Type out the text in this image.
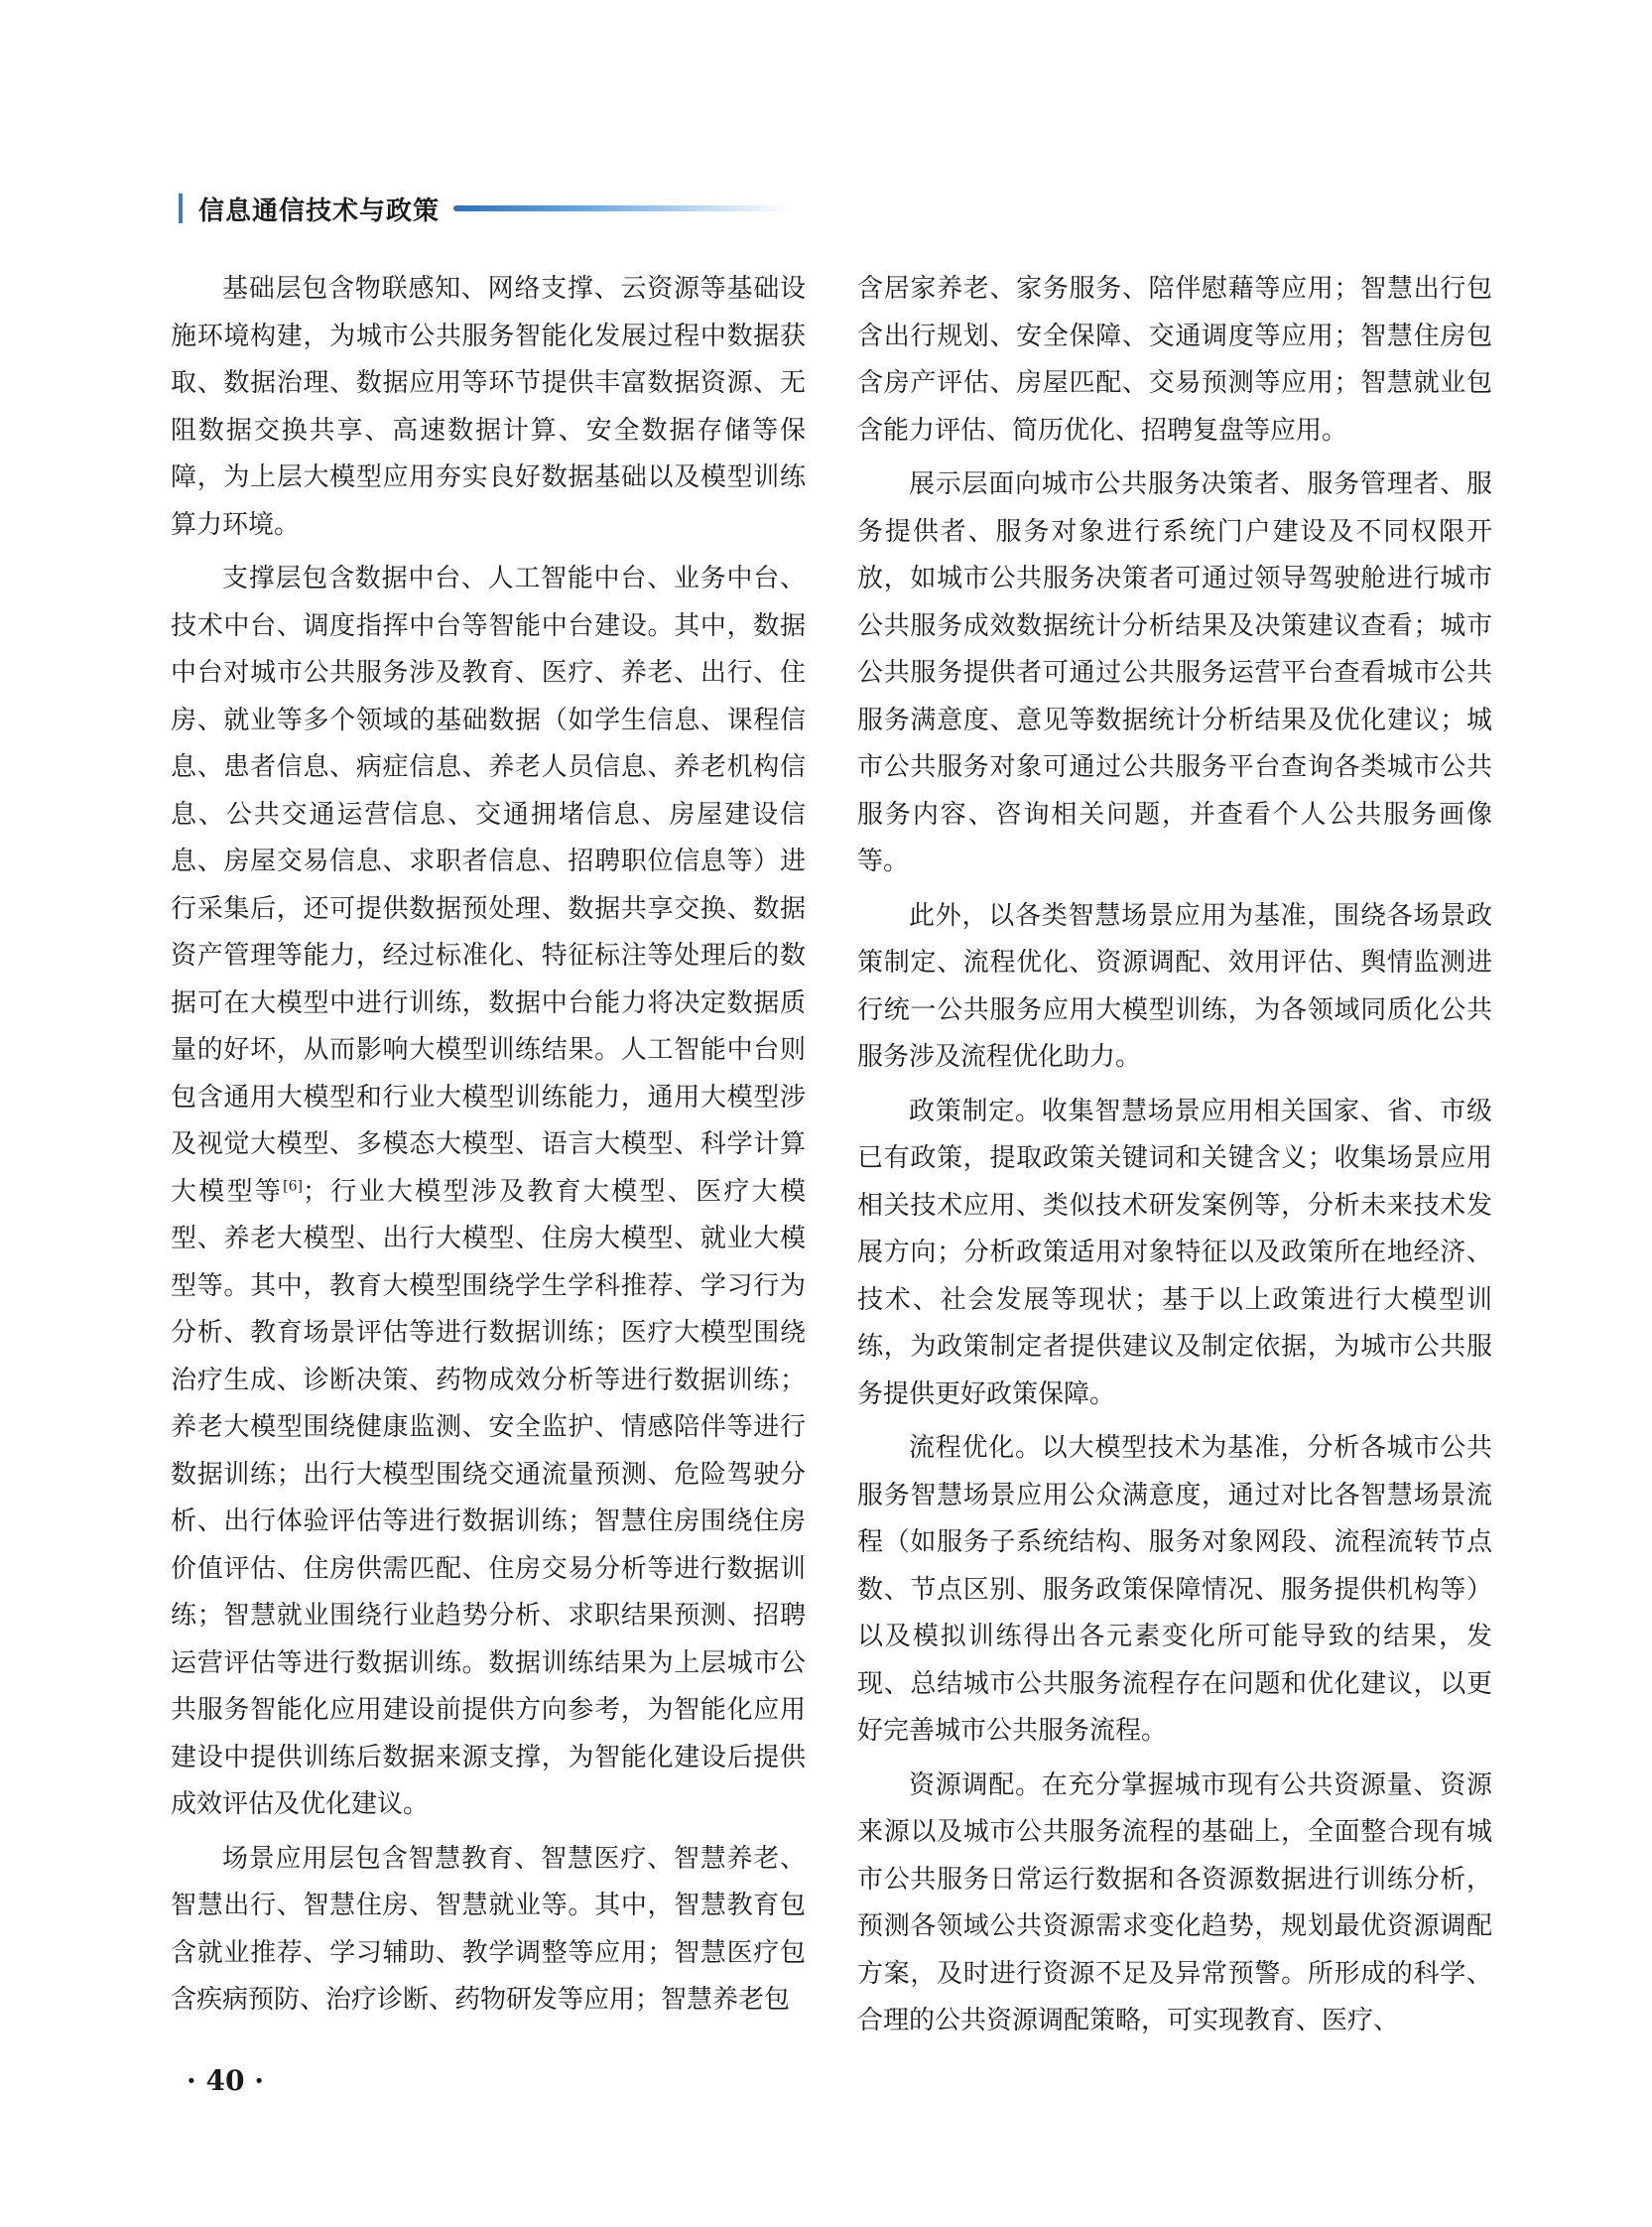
信息通信技术与政策

基础层包含物联感知、网络支撑、云资源等基础设施环境构建，为城市公共服务智能化发展过程中数据获取、数据治理、数据应用等环节提供丰富数据资源、无阻数据交换共享、高速数据计算、安全数据存储等保障，为上层大模型应用夯实良好数据基础以及模型训练算力环境。

支撑层包含数据中台、人工智能中台、业务中台、技术中台、调度指挥中台等智能中台建设。其中，数据中台对城市公共服务涉及教育、医疗、养老、出行、住房、就业等多个领域的基础数据（如学生信息、课程信息、患者信息、病症信息、养老人员信息、养老机构信息、公共交通运营信息、交通拥堵信息、房屋建设信息、房屋交易信息、求职者信息、招聘职位信息等）进行采集后，还可提供数据预处理、数据共享交换、数据资产管理等能力，经过标准化、特征标注等处理后的数据可在大模型中进行训练，数据中台能力将决定数据质量的好坏，从而影响大模型训练结果。人工智能中台则包含通用大模型和行业大模型训练能力，通用大模型涉及视觉大模型、多模态大模型、语言大模型、科学计算大模型等[6]；行业大模型涉及教育大模型、医疗大模型、养老大模型、出行大模型、住房大模型、就业大模型等。其中，教育大模型围绕学生学科推荐、学习行为分析、教育场景评估等进行数据训练；医疗大模型围绕治疗生成、诊断决策、药物成效分析等进行数据训练；养老大模型围绕健康监测、安全监护、情感陪伴等进行数据训练；出行大模型围绕交通流量预测、危险驾驶分析、出行体验评估等进行数据训练；智慧住房围绕住房价值评估、住房供需匹配、住房交易分析等进行数据训练；智慧就业围绕行业趋势分析、求职结果预测、招聘运营评估等进行数据训练。数据训练结果为上层城市公共服务智能化应用建设前提供方向参考，为智能化应用建设中提供训练后数据来源支撑，为智能化建设后提供成效评估及优化建议。

场景应用层包含智慧教育、智慧医疗、智慧养老、智慧出行、智慧住房、智慧就业等。其中，智慧教育包含就业推荐、学习辅助、教学调整等应用；智慧医疗包含疾病预防、治疗诊断、药物研发等应用；智慧养老包

含居家养老、家务服务、陪伴慰藉等应用；智慧出行包含出行规划、安全保障、交通调度等应用；智慧住房包含房产评估、房屋匹配、交易预测等应用；智慧就业包含能力评估、简历优化、招聘复盘等应用。

展示层面向城市公共服务决策者、服务管理者、服务提供者、服务对象进行系统门户建设及不同权限开放，如城市公共服务决策者可通过领导驾驶舱进行城市公共服务成效数据统计分析结果及决策建议查看；城市公共服务提供者可通过公共服务运营平台查看城市公共服务满意度、意见等数据统计分析结果及优化建议；城市公共服务对象可通过公共服务平台查询各类城市公共服务内容、咨询相关问题，并查看个人公共服务画像等。

此外，以各类智慧场景应用为基准，围绕各场景政策制定、流程优化、资源调配、效用评估、舆情监测进行统一公共服务应用大模型训练，为各领域同质化公共服务涉及流程优化助力。

政策制定。收集智慧场景应用相关国家、省、市级已有政策，提取政策关键词和关键含义；收集场景应用相关技术应用、类似技术研发案例等，分析未来技术发展方向；分析政策适用对象特征以及政策所在地经济、技术、社会发展等现状；基于以上政策进行大模型训练，为政策制定者提供建议及制定依据，为城市公共服务提供更好政策保障。

流程优化。以大模型技术为基准，分析各城市公共服务智慧场景应用公众满意度，通过对比各智慧场景流程（如服务子系统结构、服务对象网段、流程流转节点数、节点区别、服务政策保障情况、服务提供机构等）以及模拟训练得出各元素变化所可能导致的结果，发现、总结城市公共服务流程存在问题和优化建议，以更好完善城市公共服务流程。

资源调配。在充分掌握城市现有公共资源量、资源来源以及城市公共服务流程的基础上，全面整合现有城市公共服务日常运行数据和各资源数据进行训练分析，预测各领域公共资源需求变化趋势，规划最优资源调配方案，及时进行资源不足及异常预警。所形成的科学、合理的公共资源调配策略，可实现教育、医疗、

· 40 ·
